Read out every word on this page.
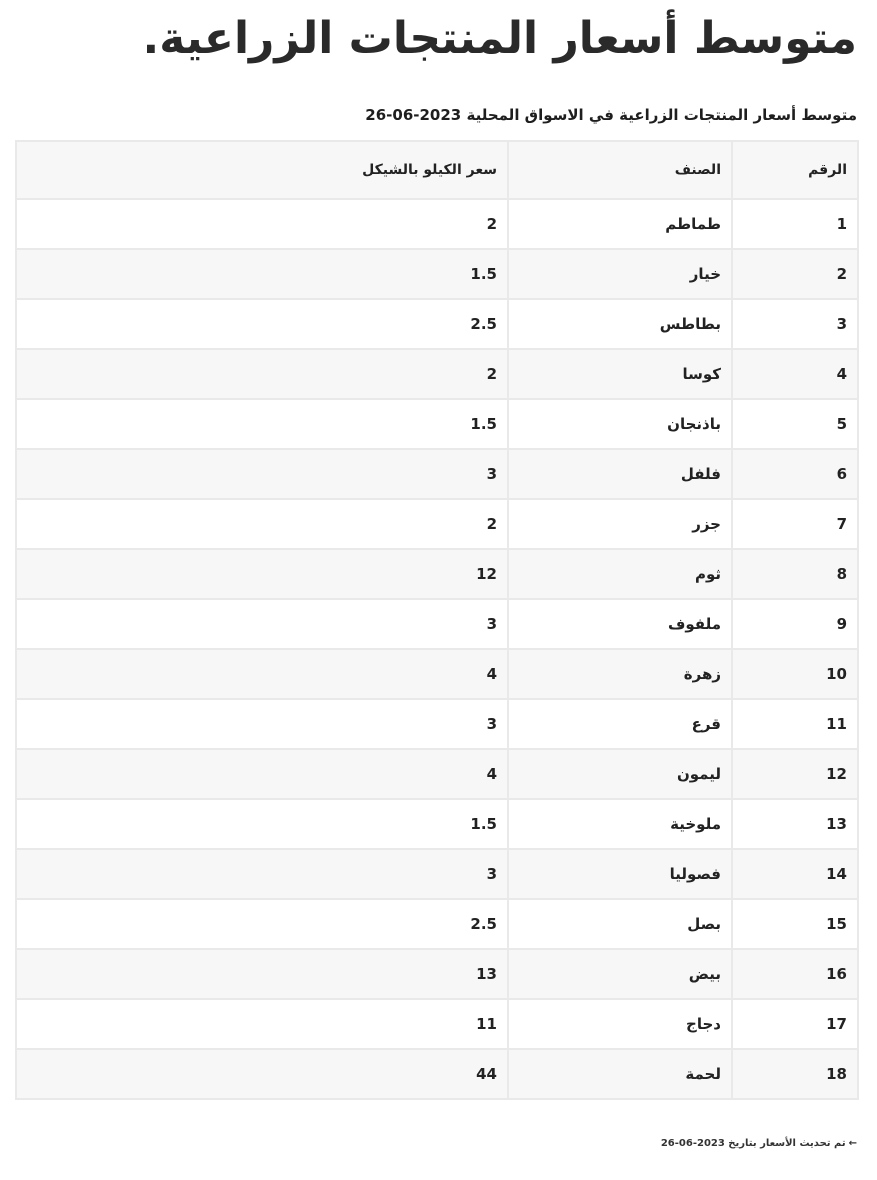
متوسط أسعار المنتجات الزراعية.
متوسط أسعار المنتجات الزراعية في الاسواق المحلية 2023-06-26
الرقم	الصنف	سعر الكيلو بالشيكل
1	طماطم	2
2	خيار	1.5
3	بطاطس	2.5
4	كوسا	2
5	باذنجان	1.5
6	فلفل	3
7	جزر	2
8	ثوم	12
9	ملفوف	3
10	زهرة	4
11	قرع	3
12	ليمون	4
13	ملوخية	1.5
14	فصوليا	3
15	بصل	2.5
16	بيض	13
17	دجاج	11
18	لحمة	44
←تم تحديث الأسعار بتاريخ 2023-06-26
